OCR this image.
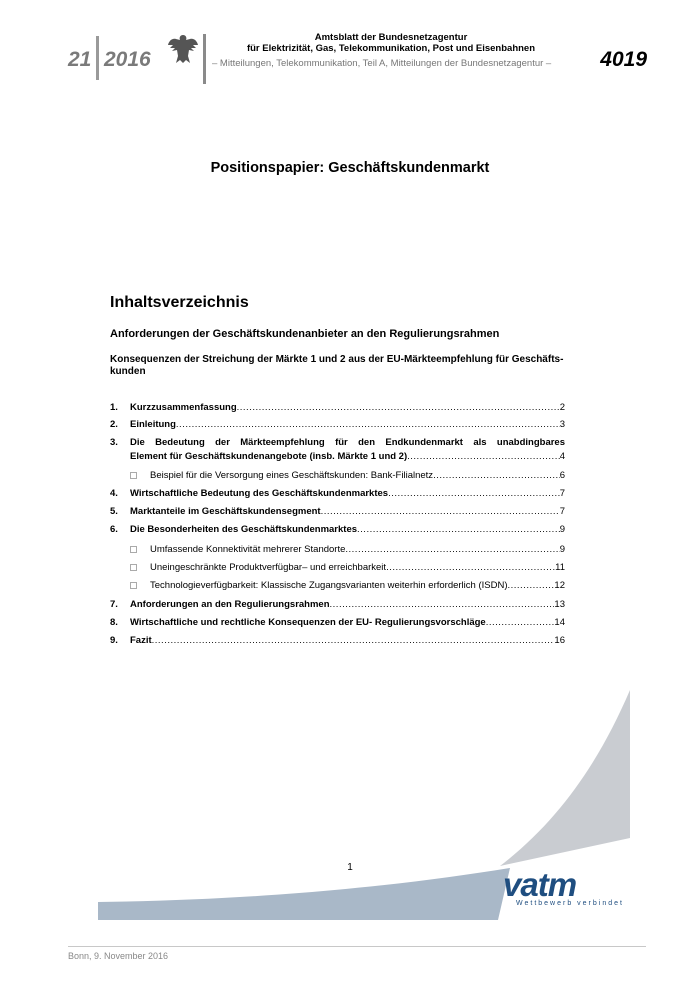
21 2016
Amtsblatt der Bundesnetzagentur
für Elektrizität, Gas, Telekommunikation, Post und Eisenbahnen
– Mitteilungen, Telekommunikation, Teil A, Mitteilungen der Bundesnetzagentur – 4019
Positionspapier: Geschäftskundenmarkt
Inhaltsverzeichnis
Anforderungen der Geschäftskundenanbieter an den Regulierungsrahmen
Konsequenzen der Streichung der Märkte 1 und 2 aus der EU-Märkteempfehlung für Geschäfts-kunden
1. Kurzzusammenfassung .....	2
2. Einleitung .....	3
3. Die Bedeutung der Märkteempfehlung für den Endkundenmarkt als unabdingbares
Element für Geschäftskundenangebote (insb. Märkte 1 und 2) .....	4
Beispiel für die Versorgung eines Geschäftskunden: Bank-Filialnetz .....	6
4. Wirtschaftliche Bedeutung des Geschäftskundenmarktes .....	7
5. Marktanteile im Geschäftskundensegment .....	7
6. Die Besonderheiten des Geschäftskundenmarktes .....	9
Umfassende Konnektivität mehrerer Standorte .....	9
Uneingeschränkte Produktverfügbar– und erreichbarkeit .....	11
Technologieverfügbarkeit: Klassische Zugangsvarianten weiterhin erforderlich (ISDN) .....	12
7. Anforderungen an den Regulierungsrahmen .....	13
8. Wirtschaftliche und rechtliche Konsequenzen der EU- Regulierungsvorschläge .....	14
9. Fazit .....	16
1	vatm
Wettbewerb verbindet
Bonn, 9. November 2016
